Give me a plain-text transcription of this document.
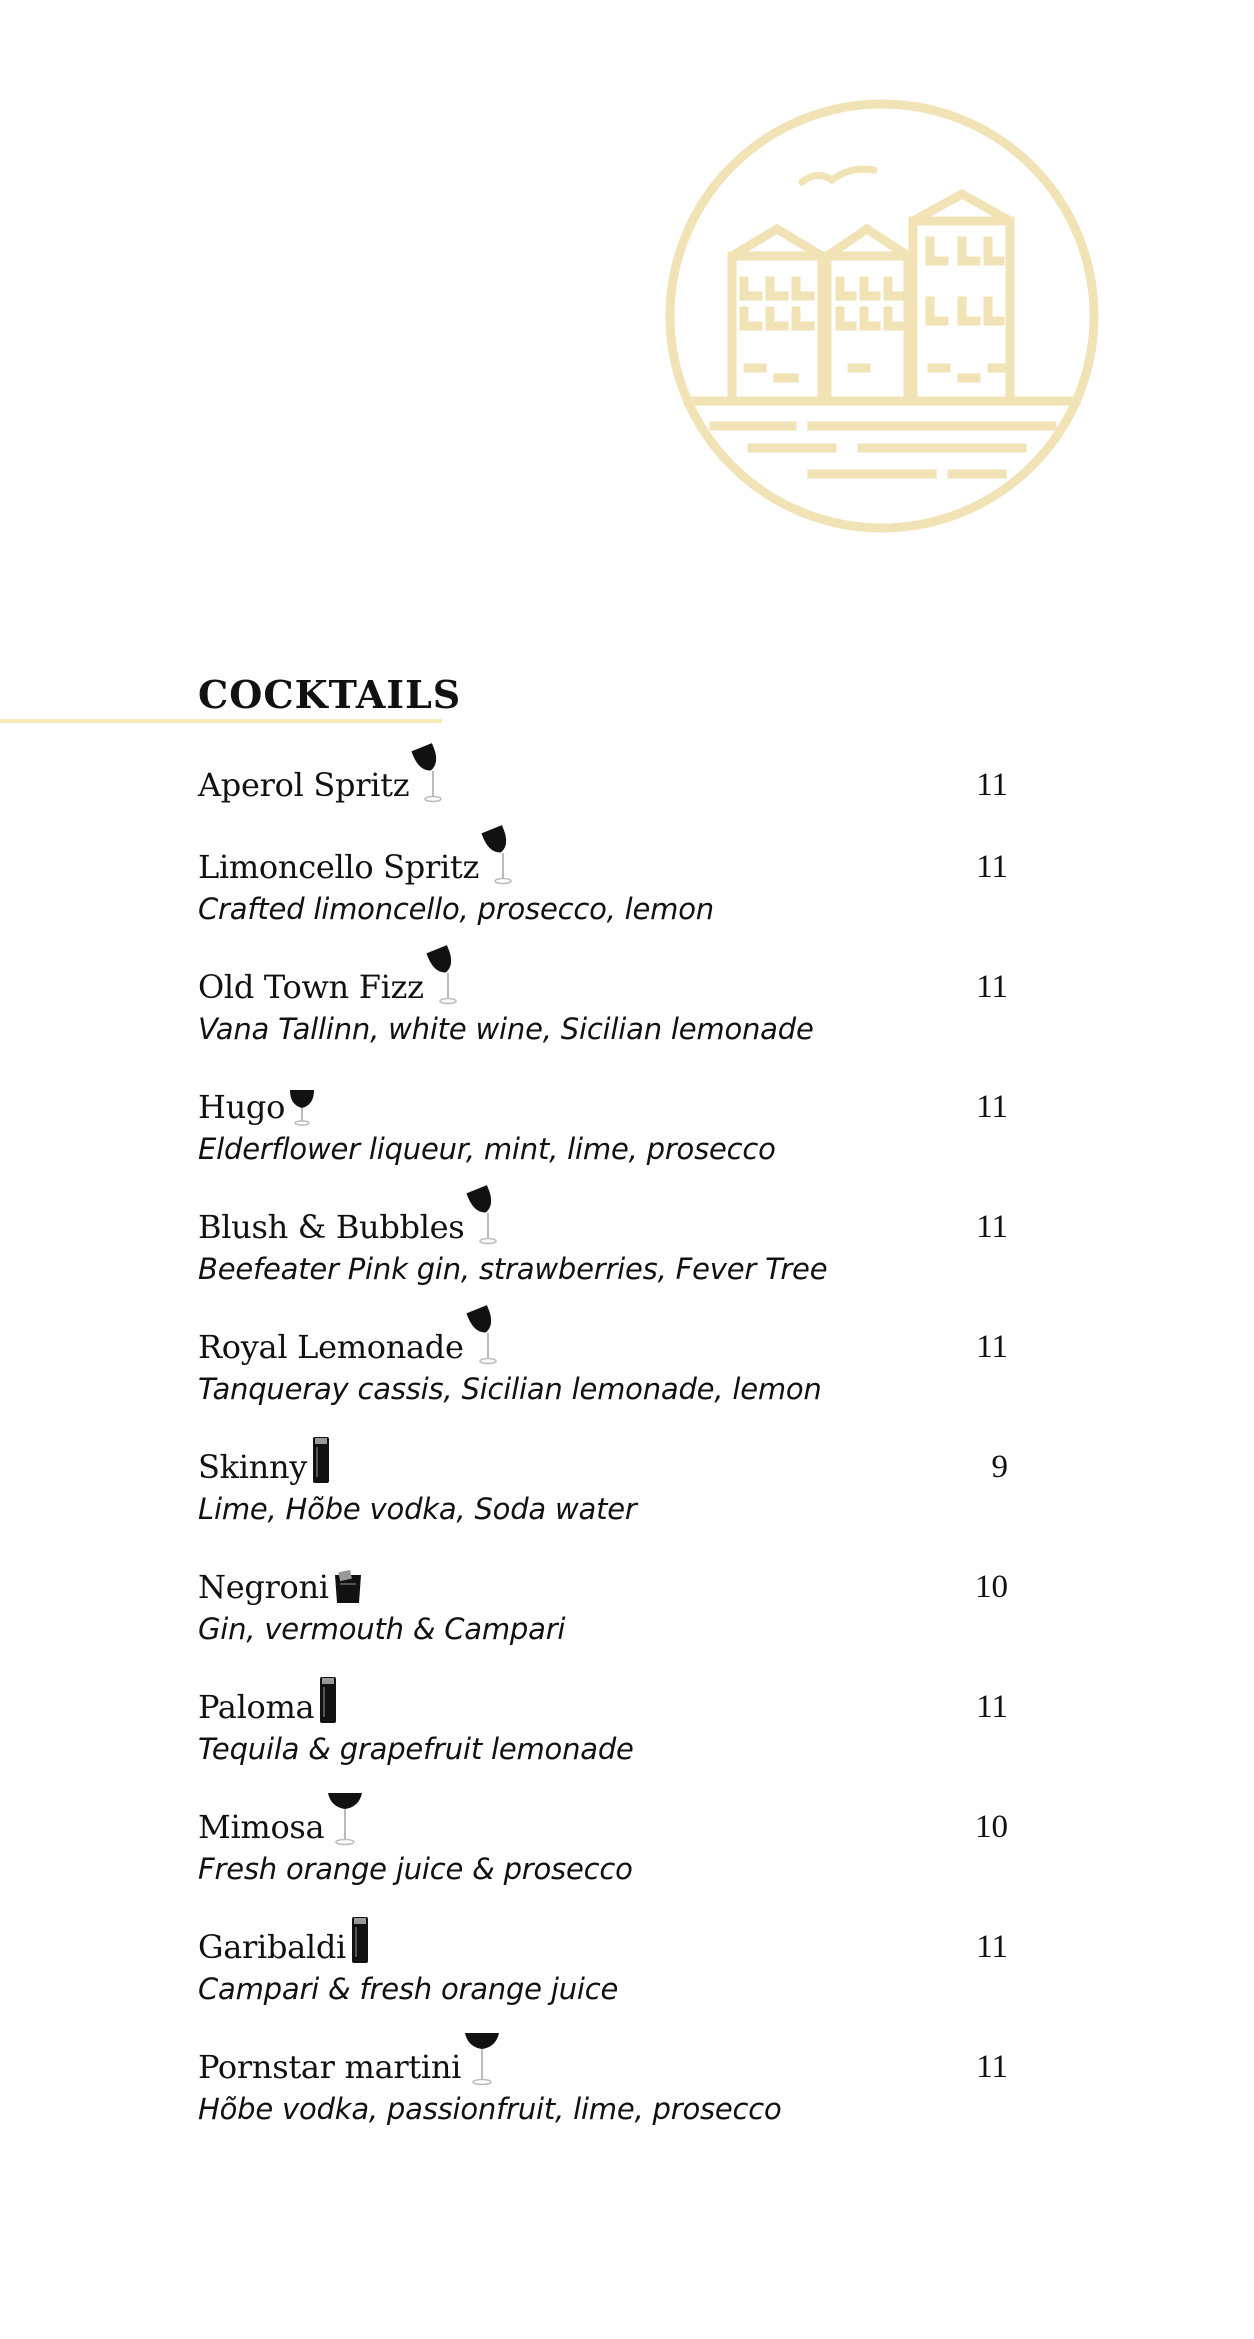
COCKTAILS
Aperol Spritz	11
Limoncello Spritz	11

Crafted limoncello, prosecco, lemon

Old Town Fizz	11

Vana Tallinn, white wine, Sicilian lemonade

Hugo	11

Elderflower liqueur, mint, lime, prosecco

Blush & Bubbles	11

Beefeater Pink gin, strawberries, Fever Tree

Royal Lemonade	11

Tanqueray cassis, Sicilian lemonade, lemon

Skinny	9

Lime, Hõbe vodka, Soda water

Negroni	10

Gin, vermouth & Campari

Paloma	11

Tequila & grapefruit lemonade

Mimosa	10

Fresh orange juice & prosecco

Garibaldi	11

Campari & fresh orange juice

Pornstar martini	11

Hõbe vodka, passionfruit, lime, prosecco
